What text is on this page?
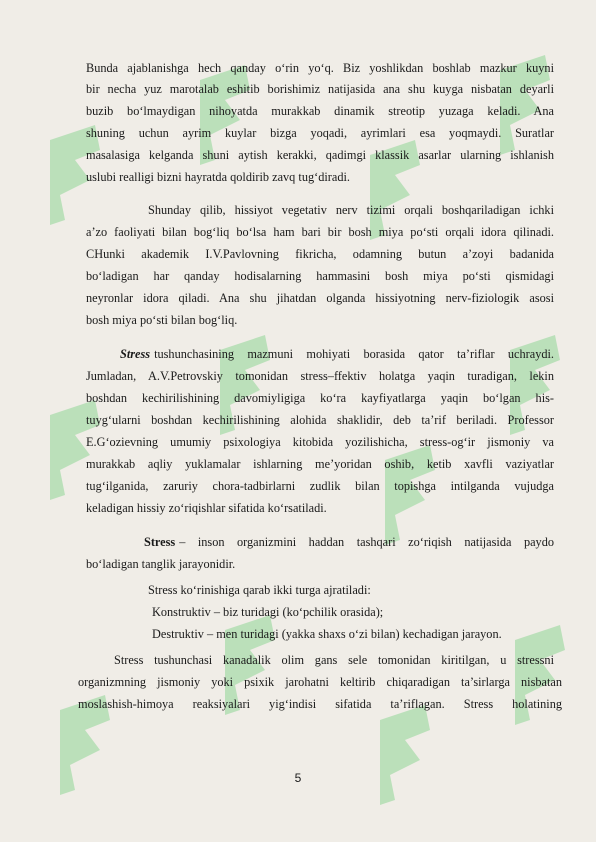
Bunda ajablanishga hech qanday o‘rin yo‘q. Biz yoshlikdan boshlab mazkur kuyni
bir necha yuz marotalab eshitib borishimiz natijasida ana shu kuyga nisbatan deyarli
buzib bo‘lmaydigan nihoyatda murakkab dinamik streotip yuzaga keladi. Ana
shuning uchun ayrim kuylar bizga yoqadi, ayrimlari esa yoqmaydi. Suratlar
masalasiga kelganda shuni aytish kerakki, qadimgi klassik asarlar ularning ishlanish
uslubi realligi bizni hayratda qoldirib zavq tug‘diradi.
Shunday qilib, hissiyot vegetativ nerv tizimi orqali boshqariladigan ichki
a’zo faoliyati bilan bog‘liq bo‘lsa ham bari bir bosh miya po‘sti orqali idora qilinadi.
CHunki akademik I.V.Pavlovning fikricha, odamning butun a’zoyi badanida
bo‘ladigan har qanday hodisalarning hammasini bosh miya po‘sti qismidagi
neyronlar idora qiladi. Ana shu jihatdan olganda hissiyotning nerv-fiziologik asosi
bosh miya po‘sti bilan bog‘liq.
Stress tushunchasining mazmuni mohiyati borasida qator ta’riflar uchraydi.
Jumladan, A.V.Petrovskiy tomonidan stress–ffektiv holatga yaqin turadigan, lekin
boshdan kechirilishining davomiyligiga ko‘ra kayfiyatlarga yaqin bo‘lgan his-
tuyg‘ularni boshdan kechirilishining alohida shaklidir, deb ta’rif beriladi. Professor
E.G‘ozievning umumiy psixologiya kitobida yozilishicha, stress-og‘ir jismoniy va
murakkab aqliy yuklamalar ishlarning me’yoridan oshib, ketib xavfli vaziyatlar
tug‘ilganida, zaruriy chora-tadbirlarni zudlik bilan topishga intilganda vujudga
keladigan hissiy zo‘riqishlar sifatida ko‘rsatiladi.
Stress – inson organizmini haddan tashqari zo‘riqish natijasida paydo
bo‘ladigan tanglik jarayonidir.
Stress ko‘rinishiga qarab ikki turga ajratiladi:
Konstruktiv – biz turidagi (ko‘pchilik orasida);
Destruktiv – men turidagi (yakka shaxs o‘zi bilan) kechadigan jarayon.
Stress tushunchasi kanadalik olim gans sele tomonidan kiritilgan, u stressni
organizmning jismoniy yoki psixik jarohatni keltirib chiqaradigan ta’sirlarga nisbatan
moslashish-himoya reaksiyalari yig‘indisi sifatida ta’riflagan. Stress holatining
5
